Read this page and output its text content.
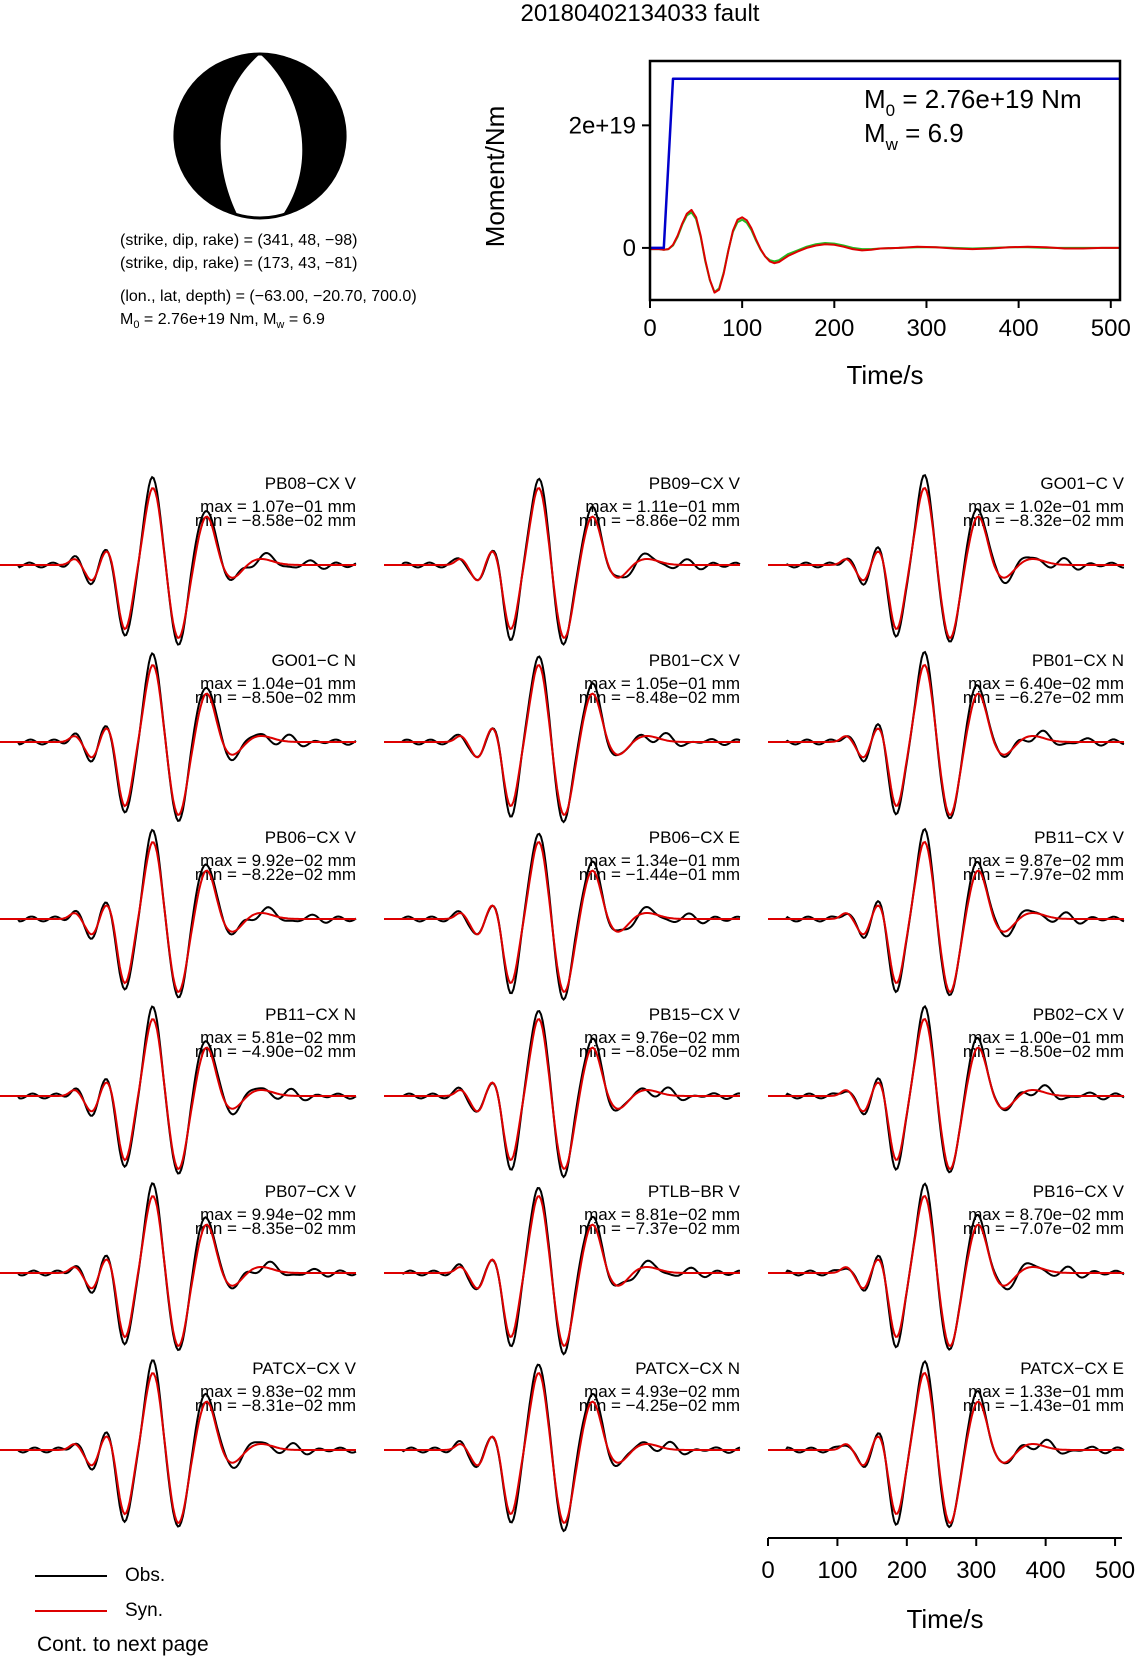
20180402134033 fault
(strike, dip, rake) = (341, 48, −98)
(strike, dip, rake) = (173, 43, −81)
(lon., lat, depth) = (−63.00, −20.70, 700.0)
$M_0 = 2.76e+19$ Nm, $M_w = 6.9$	0	100 200 300 400 500
0
2e+19
Time/s
Moment/Nm
$M_0 = 2.76e+19$ Nm
$M_w = 6.9$
PB08−CX V
max = 1.07e−01 mm
min = −8.58e−02 mm
PB09−CX V
max = 1.11e−01 mm
min = −8.86e−02 mm
GO01−C V
max = 1.02e−01 mm
min = −8.32e−02 mm
GO01−C N
max = 1.04e−01 mm
min = −8.50e−02 mm
PB01−CX V
max = 1.05e−01 mm
min = −8.48e−02 mm
PB01−CX N
max = 6.40e−02 mm
min = −6.27e−02 mm
PB06−CX V
max = 9.92e−02 mm
min = −8.22e−02 mm
PB06−CX E
max = 1.34e−01 mm
min = −1.44e−01 mm
PB11−CX V
max = 9.87e−02 mm
min = −7.97e−02 mm
PB11−CX N
max = 5.81e−02 mm
min = −4.90e−02 mm
PB15−CX V
max = 9.76e−02 mm
min = −8.05e−02 mm
PB02−CX V
max = 1.00e−01 mm
min = −8.50e−02 mm
PB07−CX V
max = 9.94e−02 mm
min = −8.35e−02 mm
PTLB−BR V
max = 8.81e−02 mm
min = −7.37e−02 mm
PB16−CX V
max = 8.70e−02 mm
min = −7.07e−02 mm
PATCX−CX V
max = 9.83e−02 mm
min = −8.31e−02 mm
PATCX−CX N
max = 4.93e−02 mm
min = −4.25e−02 mm
PATCX−CX E
max = 1.33e−01 mm
min = −1.43e−01 mm
0 100 200 300 400 500
Time/s
Obs.
Syn.
Cont. to next page
